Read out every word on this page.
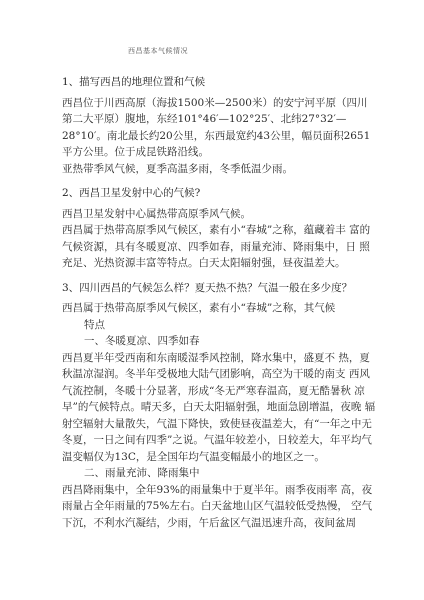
西昌基本气候情况

1、描写西昌的地理位置和气候

西昌位于川西高原（海拔1500米—2500米）的安宁河平原（四川 第二大平原）腹地，东经101°46′—102°25′、北纬27°32′—28°10′。南北最长约20公里，东西最宽约43公里，幅员面积2651 平方公里。位于成昆铁路沿线。

亚热带季风气候，夏季高温多雨，冬季低温少雨。

2、西昌卫星发射中心的气候?

西昌卫星发射中心属热带高原季风气候。

西昌属于热带高原季风气候区，素有小“春城”之称，蕴藏着丰 富的气候资源，具有冬暖夏凉、四季如春，雨量充沛、降雨集中，日 照充足、光热资源丰富等特点。白天太阳辐射强，昼夜温差大。

3、四川西昌的气候怎么样？夏天热不热？气温一般在多少度？

西昌属于热带高原季风气候区，素有小“春城”之称，其气候

特点

一、冬暖夏凉、四季如春

西昌夏半年受西南和东南暖湿季风控制，降水集中，盛夏不 热，夏秋温凉湿润。冬半年受极地大陆气团影响，高空为干暖的南支 西风气流控制，冬暖十分显著，形成“冬无严寒春温高，夏无酷暑秋 凉早”的气候特点。晴天多，白天太阳辐射强，地面急剧增温，夜晚 辐射空辐射大量散失，气温下降快，致使昼夜温差大，有“一年之中无 冬夏，一日之间有四季”之说。气温年较差小，日较差大，年平均气 温变幅仅为13C，是全国年均气温变幅最小的地区之一。

二、雨量充沛、降雨集中

西昌降雨集中，全年93%的雨量集中于夏半年。雨季夜雨率 高，夜雨量占全年雨量的75%左右。白天盆地山区气温较低受热慢， 空气下沉，不利水汽凝结，少雨，午后盆区气温迅速升高，夜间盆周
